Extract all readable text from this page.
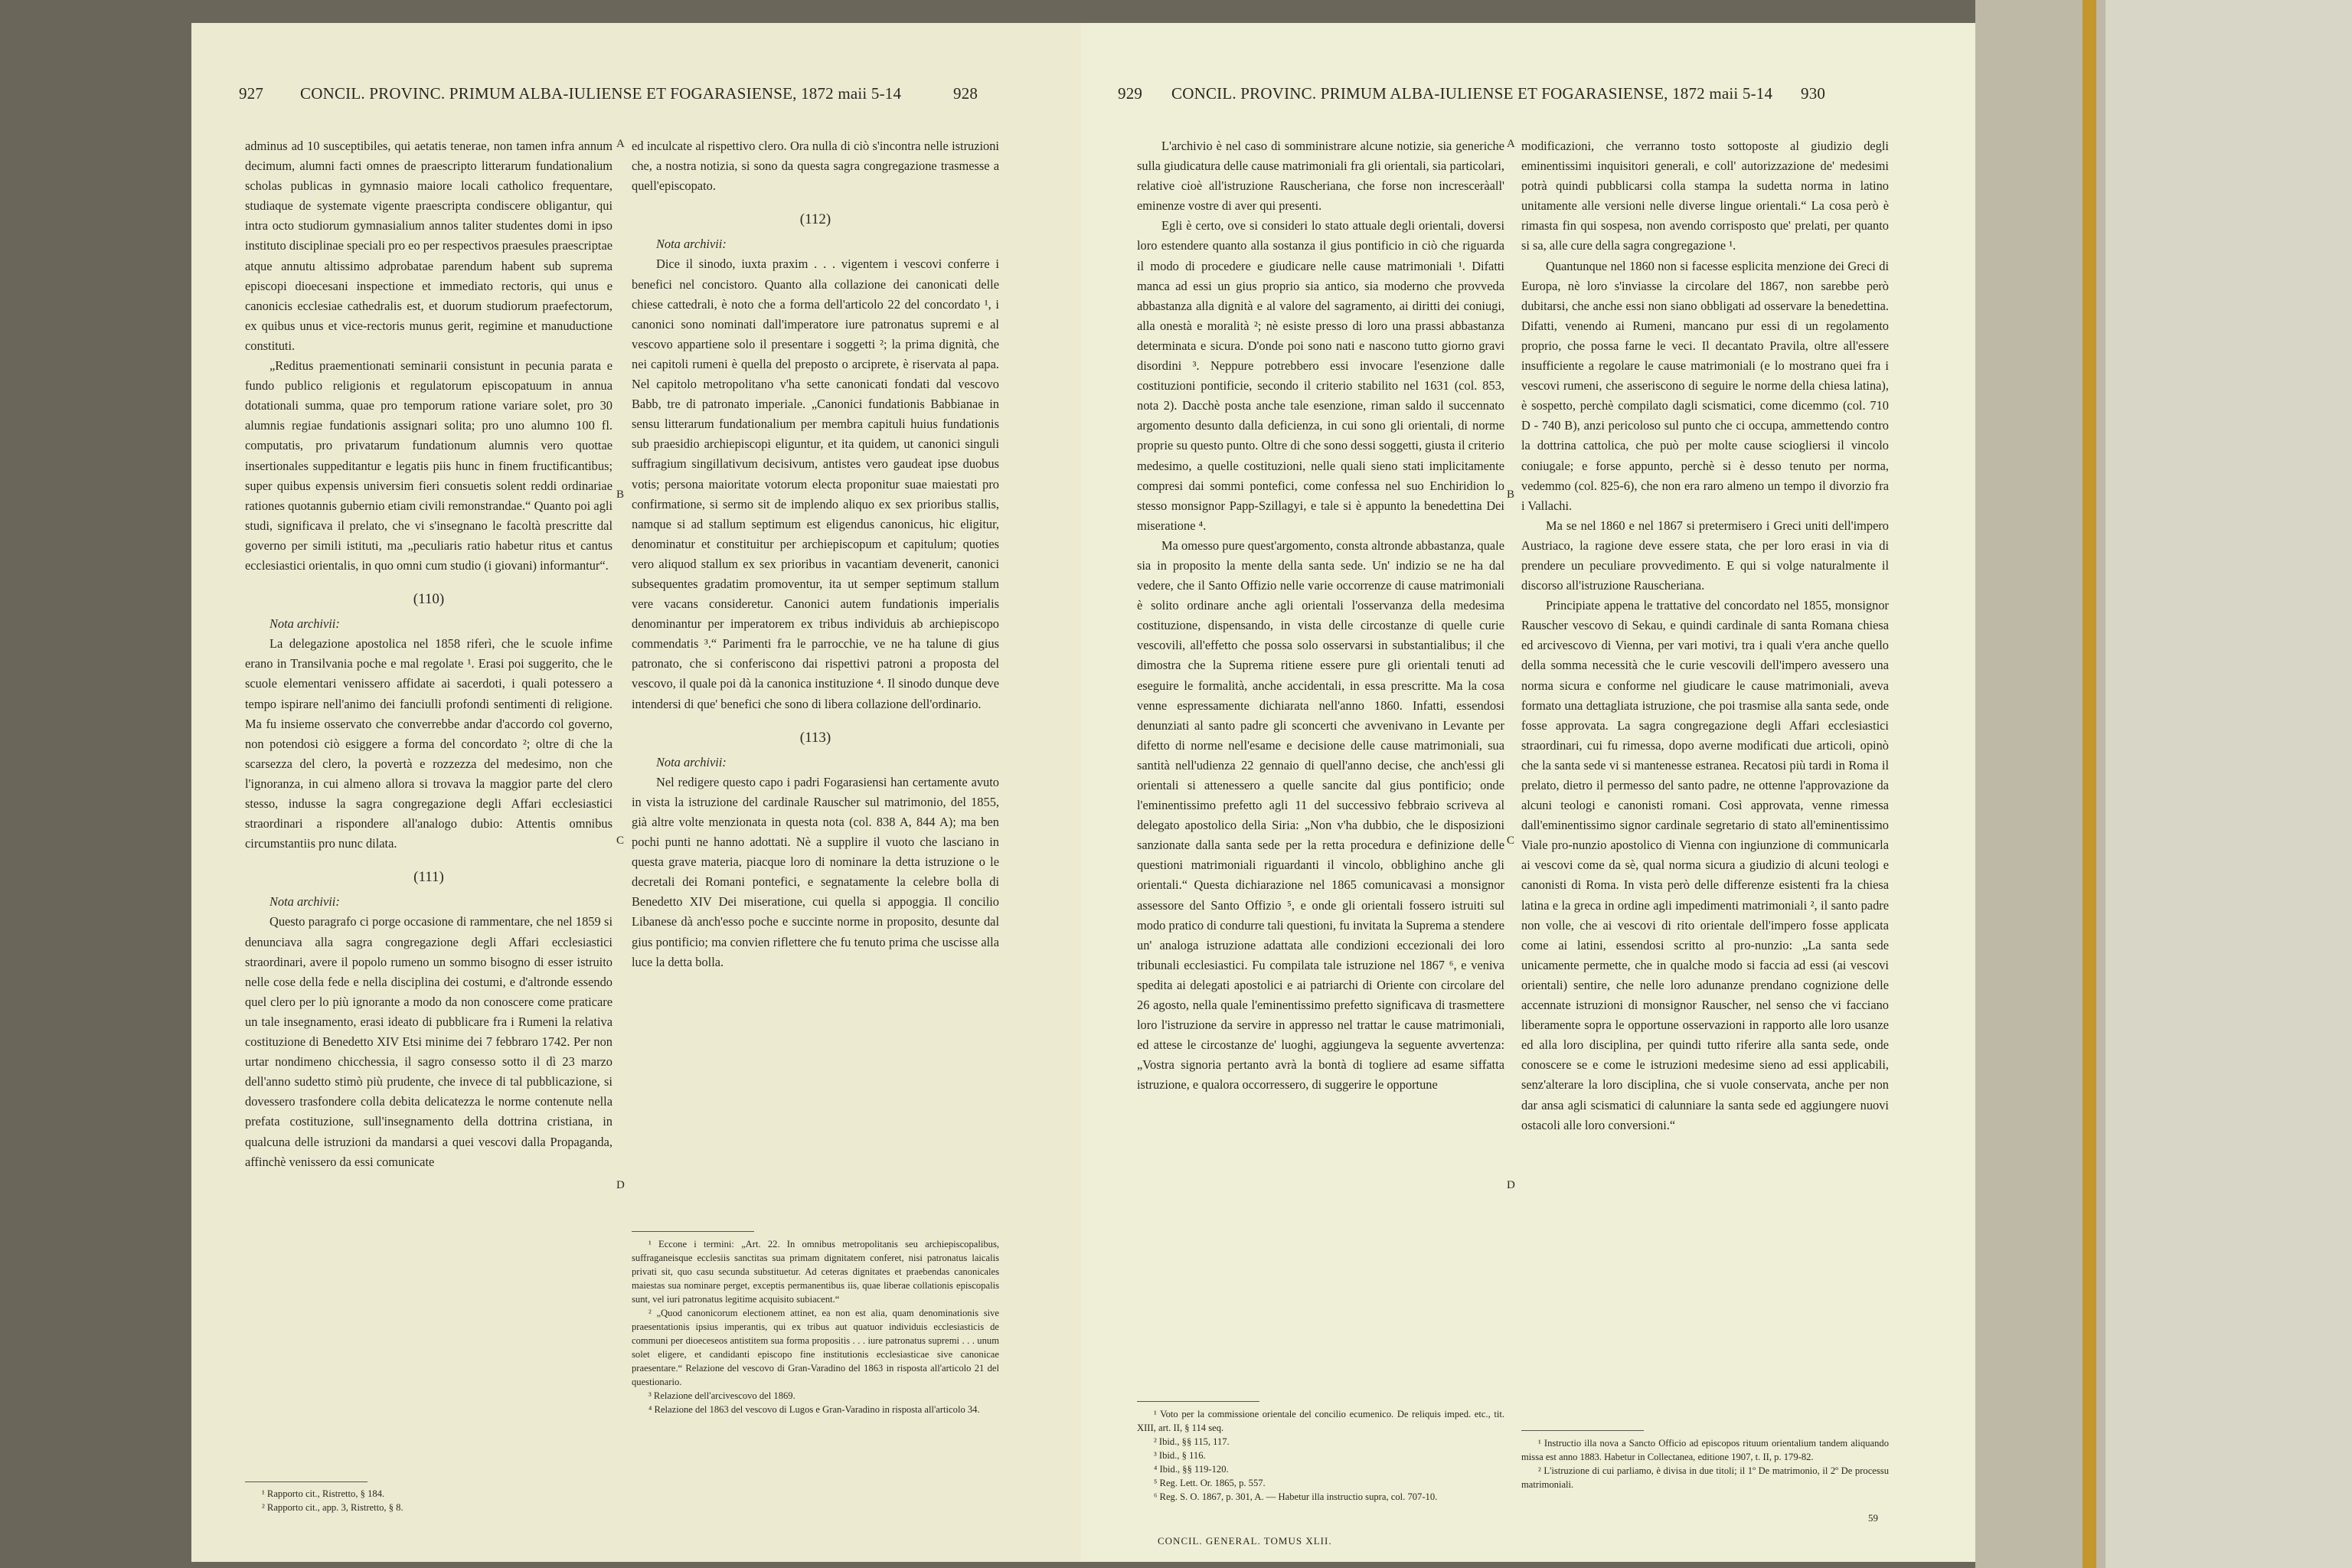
927 CONCIL. PROVINC. PRIMUM ALBA-IULIENSE ET FOGARASIENSE, 1872 maii 5-14	928

adminus ad 10 susceptibiles, qui aetatis tenerae, non tamen infra annum decimum, alumni facti omnes de praescripto litterarum fundationalium scholas publicas in gymnasio maiore locali catholico frequentare, studiaque de systemate vigente praescripta condiscere obligantur, qui intra octo studiorum gymnasialium annos taliter studentes domi in ipso instituto disciplinae speciali pro eo per respectivos praesules praescriptae atque annutu altissimo adprobatae parendum habent sub suprema episcopi dioecesani inspectione et immediato rectoris, qui unus e canonicis ecclesiae cathedralis est, et duorum studiorum praefectorum, ex quibus unus et vice-rectoris munus gerit, regimine et manuductione constituti.

„Reditus praementionati seminarii consistunt in pecunia parata e fundo publico religionis et regulatorum episcopatuum in annua dotationali summa, quae pro temporum ratione variare solet, pro 30 alumnis regiae fundationis assignari solita; pro uno alumno 100 fl. computatis, pro privatarum fundationum alumnis vero quottae insertionales suppeditantur e legatis piis hunc in finem fructificantibus; super quibus expensis universim fieri consuetis solent reddi ordinariae rationes quotannis gubernio etiam civili remonstrandae.“ Quanto poi agli studi, significava il prelato, che vi s'insegnano le facoltà prescritte dal governo per simili istituti, ma „peculiaris ratio habetur ritus et cantus ecclesiastici orientalis, in quo omni cum studio (i giovani) informantur“.

(110)

Nota archivii:

La delegazione apostolica nel 1858 riferì, che le scuole infime erano in Transilvania poche e mal regolate ¹. Erasi poi suggerito, che le scuole elementari venissero affidate ai sacerdoti, i quali potessero a tempo ispirare nell'animo dei fanciulli profondi sentimenti di religione. Ma fu insieme osservato che converrebbe andar d'accordo col governo, non potendosi ciò esiggere a forma del concordato ²; oltre di che la scarsezza del clero, la povertà e rozzezza del medesimo, non che l'ignoranza, in cui almeno allora si trovava la maggior parte del clero stesso, indusse la sagra congregazione degli Affari ecclesiastici straordinari a rispondere all'analogo dubio: Attentis omnibus circumstantiis pro nunc dilata.

(111)

Nota archivii:

Questo paragrafo ci porge occasione di rammentare, che nel 1859 si denunciava alla sagra congregazione degli Affari ecclesiastici straordinari, avere il popolo rumeno un sommo bisogno di esser istruito nelle cose della fede e nella disciplina dei costumi, e d'altronde essendo quel clero per lo più ignorante a modo da non conoscere come praticare un tale insegnamento, erasi ideato di pubblicare fra i Rumeni la relativa costituzione di Benedetto XIV Etsi minime dei 7 febbraro 1742. Per non urtar nondimeno chicchessia, il sagro consesso sotto il dì 23 marzo dell'anno sudetto stimò più prudente, che invece di tal pubblicazione, si dovessero trasfondere colla debita delicatezza le norme contenute nella prefata costituzione, sull'insegnamento della dottrina cristiana, in qualcuna delle istruzioni da mandarsi a quei vescovi dalla Propaganda, affinchè venissero da essi comunicate

¹ Rapporto cit., Ristretto, § 184.
² Rapporto cit., app. 3, Ristretto, § 8.
A
B
C
D

ed inculcate al rispettivo clero. Ora nulla di ciò s'incontra nelle istruzioni che, a nostra notizia, si sono da questa sagra congregazione trasmesse a quell'episcopato.

(112)

Nota archivii:

Dice il sinodo, iuxta praxim . . . vigentem i vescovi conferre i benefici nel concistoro. Quanto alla collazione dei canonicati delle chiese cattedrali, è noto che a forma dell'articolo 22 del concordato ¹, i canonici sono nominati dall'imperatore iure patronatus supremi e al vescovo appartiene solo il presentare i soggetti ²; la prima dignità, che nei capitoli rumeni è quella del preposto o arciprete, è riservata al papa. Nel capitolo metropolitano v'ha sette canonicati fondati dal vescovo Babb, tre di patronato imperiale. „Canonici fundationis Babbianae in sensu litterarum fundationalium per membra capituli huius fundationis sub praesidio archiepiscopi eliguntur, et ita quidem, ut canonici singuli suffragium singillativum decisivum, antistes vero gaudeat ipse duobus votis; persona maioritate votorum electa proponitur suae maiestati pro confirmatione, si sermo sit de implendo aliquo ex sex prioribus stallis, namque si ad stallum septimum est eligendus canonicus, hic eligitur, denominatur et constituitur per archiepiscopum et capitulum; quoties vero aliquod stallum ex sex prioribus in vacantiam devenerit, canonici subsequentes gradatim promoventur, ita ut semper septimum stallum vere vacans consideretur. Canonici autem fundationis imperialis denominantur per imperatorem ex tribus individuis ab archiepiscopo commendatis ³.“ Parimenti fra le parrocchie, ve ne ha talune di gius patronato, che si conferiscono dai rispettivi patroni a proposta del vescovo, il quale poi dà la canonica instituzione ⁴. Il sinodo dunque deve intendersi di que' benefici che sono di libera collazione dell'ordinario.

(113)

Nota archivii:

Nel redigere questo capo i padri Fogarasiensi han certamente avuto in vista la istruzione del cardinale Rauscher sul matrimonio, del 1855, già altre volte menzionata in questa nota (col. 838 A, 844 A); ma ben pochi punti ne hanno adottati. Nè a supplire il vuoto che lasciano in questa grave materia, piacque loro di nominare la detta istruzione o le decretali dei Romani pontefici, e segnatamente la celebre bolla di Benedetto XIV Dei miserationе, cui quella si appoggia. Il concilio Libanese dà anch'esso poche e succinte norme in proposito, desunte dal gius pontificio; ma convien riflettere che fu tenuto prima che uscisse alla luce la detta bolla.

¹ Eccone i termini: „Art. 22. In omnibus metropolitanis seu archiepiscopalibus, suffraganeisque ecclesiis sanctitas sua primam dignitatem conferet, nisi patronatus laicalis privati sit, quo casu secunda substituetur. Ad ceteras dignitates et praebendas canonicales maiestas sua nominare perget, exceptis permanentibus iis, quae liberae collationis episcopalis sunt, vel iuri patronatus legitime acquisito subiacent.“
² „Quod canonicorum electionem attinet, ea non est alia, quam denominationis sive praesentationis ipsius imperantis, qui ex tribus aut quatuor individuis ecclesiasticis de communi per dioeceseos antistitem sua forma propositis . . . iure patronatus supremi . . . unum solet eligere, et candidanti episcopo fine institutionis ecclesiasticae sive canonicae praesentare.“ Relazione del vescovo di Gran-Varadino del 1863 in risposta all'articolo 21 del questionario.
³ Relazione dell'arcivescovo del 1869.
⁴ Relazione del 1863 del vescovo di Lugos e Gran-Varadino in risposta all'articolo 34.
929 CONCIL. PROVINC. PRIMUM ALBA-IULIENSE ET FOGARASIENSE, 1872 maii 5-14 930

L'archivio è nel caso di somministrare alcune notizie, sia generiche sulla giudicatura delle cause matrimoniali fra gli orientali, sia particolari, relative cioè all'istruzione Rauscheriana, che forse non incresceràall' eminenze vostre di aver qui presenti.

Egli è certo, ove si consideri lo stato attuale degli orientali, doversi loro estendere quanto alla sostanza il gius pontificio in ciò che riguarda il modo di procedere e giudicare nelle cause matrimoniali ¹. Difatti manca ad essi un gius proprio sia antico, sia moderno che provveda abbastanza alla dignità e al valore del sagramento, ai diritti dei coniugi, alla onestà e moralità ²; nè esiste presso di loro una prassi abbastanza determinata e sicura. D'onde poi sono nati e nascono tutto giorno gravi disordini ³. Neppure potrebbero essi invocare l'esenzione dalle costituzioni pontificie, secondo il criterio stabilito nel 1631 (col. 853, nota 2). Dacchè posta anche tale esenzione, riman saldo il succennato argomento desunto dalla deficienza, in cui sono gli orientali, di norme proprie su questo punto. Oltre di che sono dessi soggetti, giusta il criterio medesimo, a quelle costituzioni, nelle quali sieno stati implicitamente compresi dai sommi pontefici, come confessa nel suo Enchiridion lo stesso monsignor Papp-Szillagyi, e tale si è appunto la benedettina Dei miseratione ⁴.

Ma omesso pure quest'argomento, consta altronde abbastanza, quale sia in proposito la mente della santa sede. Un' indizio se ne ha dal vedere, che il Santo Offizio nelle varie occorrenze di cause matrimoniali è solito ordinare anche agli orientali l'osservanza della medesima costituzione, dispensando, in vista delle circostanze di quelle curie vescovili, all'effetto che possa solo osservarsi in substantialibus; il che dimostra che la Suprema ritiene essere pure gli orientali tenuti ad eseguire le formalità, anche accidentali, in essa prescritte. Ma la cosa venne espressamente dichiarata nell'anno 1860. Infatti, essendosi denunziati al santo padre gli sconcerti che avvenivano in Levante per difetto di norme nell'esame e decisione delle cause matrimoniali, sua santità nell'udienza 22 gennaio di quell'anno decise, che anch'essi gli orientali si attenessero a quelle sancite dal gius pontificio; onde l'eminentissimo prefetto agli 11 del successivo febbraio scriveva al delegato apostolico della Siria: „Non v'ha dubbio, che le disposizioni sanzionate dalla santa sede per la retta procedura e definizione delle questioni matrimoniali riguardanti il vincolo, obblighino anche gli orientali.“ Questa dichiarazione nel 1865 comunicavasi a monsignor assessore del Santo Offizio ⁵, e onde gli orientali fossero istruiti sul modo pratico di condurre tali questioni, fu invitata la Suprema a stendere un' analoga istruzione adattata alle condizioni eccezionali dei loro tribunali ecclesiastici. Fu compilata tale istruzione nel 1867 ⁶, e veniva spedita ai delegati apostolici e ai patriarchi di Oriente con circolare del 26 agosto, nella quale l'eminentissimo prefetto significava di trasmettere loro l'istruzione da servire in appresso nel trattar le cause matrimoniali, ed attese le circostanze de' luoghi, aggiungeva la seguente avvertenza: „Vostra signoria pertanto avrà la bontà di togliere ad esame siffatta istruzione, e qualora occorressero, di suggerire le opportune

¹ Voto per la commissione orientale del concilio ecumenico. De reliquis imped. etc., tit. XIII, art. II, § 114 seq.
² Ibid., §§ 115, 117.
³ Ibid., § 116.
⁴ Ibid., §§ 119-120.
⁵ Reg. Lett. Or. 1865, p. 557.
⁶ Reg. S. O. 1867, p. 301, A. — Habetur illa instructio supra, col. 707-10.
CONCIL. GENERAL. TOMUS XLII.
A
B
C
D

modificazioni, che verranno tosto sottoposte al giudizio degli eminentissimi inquisitori generali, e coll' autorizzazione de' medesimi potrà quindi pubblicarsi colla stampa la sudetta norma in latino unitamente alle versioni nelle diverse lingue orientali.“ La cosa però è rimasta fin qui sospesa, non avendo corrisposto que' prelati, per quanto si sa, alle cure della sagra congregazione ¹.

Quantunque nel 1860 non si facesse esplicita menzione dei Greci di Europa, nè loro s'inviasse la circolare del 1867, non sarebbe però dubitarsi, che anche essi non siano obbligati ad osservare la benedettina. Difatti, venendo ai Rumeni, mancano pur essi di un regolamento proprio, che possa farne le veci. Il decantato Pravila, oltre all'essere insufficiente a regolare le cause matrimoniali (e lo mostrano quei fra i vescovi rumeni, che asseriscono di seguire le norme della chiesa latina), è sospetto, perchè compilato dagli scismatici, come dicemmo (col. 710 D - 740 B), anzi pericoloso sul punto che ci occupa, ammettendo contro la dottrina cattolica, che può per molte cause sciogliersi il vincolo coniugale; e forse appunto, perchè si è desso tenuto per norma, vedemmo (col. 825-6), che non era raro almeno un tempo il divorzio fra i Vallachi.

Ma se nel 1860 e nel 1867 si pretermisero i Greci uniti dell'impero Austriaco, la ragione deve essere stata, che per loro erasi in via di prendere un peculiare provvedimento. E qui si volge naturalmente il discorso all'istruzione Rauscheriana.

Principiate appena le trattative del concordato nel 1855, monsignor Rauscher vescovo di Sekau, e quindi cardinale di santa Romana chiesa ed arcivescovo di Vienna, per vari motivi, tra i quali v'era anche quello della somma necessità che le curie vescovili dell'impero avessero una norma sicura e conforme nel giudicare le cause matrimoniali, aveva formato una dettagliata istruzione, che poi trasmise alla santa sede, onde fosse approvata. La sagra congregazione degli Affari ecclesiastici straordinari, cui fu rimessa, dopo averne modificati due articoli, opinò che la santa sede vi si mantenesse estranea. Recatosi più tardi in Roma il prelato, dietro il permesso del santo padre, ne ottenne l'approvazione da alcuni teologi e canonisti romani. Così approvata, venne rimessa dall'eminentissimo signor cardinale segretario di stato all'eminentissimo Viale pro-nunzio apostolico di Vienna con ingiunzione di communicarla ai vescovi come da sè, qual norma sicura a giudizio di alcuni teologi e canonisti di Roma. In vista però delle differenze esistenti fra la chiesa latina e la greca in ordine agli impedimenti matrimoniali ², il santo padre non volle, che ai vescovi di rito orientale dell'impero fosse applicata come ai latini, essendosi scritto al pro-nunzio: „La santa sede unicamente permette, che in qualche modo si faccia ad essi (ai vescovi orientali) sentire, che nelle loro adunanze prendano cognizione delle accennate istruzioni di monsignor Rauscher, nel senso che vi facciano liberamente sopra le opportune osservazioni in rapporto alle loro usanze ed alla loro disciplina, per quindi tutto riferire alla santa sede, onde conoscere se e come le istruzioni medesime sieno ad essi applicabili, senz'alterare la loro disciplina, che si vuole conservata, anche per non dar ansa agli scismatici di calunniare la santa sede ed aggiungere nuovi ostacoli alle loro conversioni.“

¹ Instructio illa nova a Sancto Officio ad episcopos rituum orientalium tandem aliquando missa est anno 1883. Habetur in Collectanea, editione 1907, t. II, p. 179-82.
² L'istruzione di cui parliamo, è divisa in due titoli; il 1º De matrimonio, il 2º De processu matrimoniali.
59
